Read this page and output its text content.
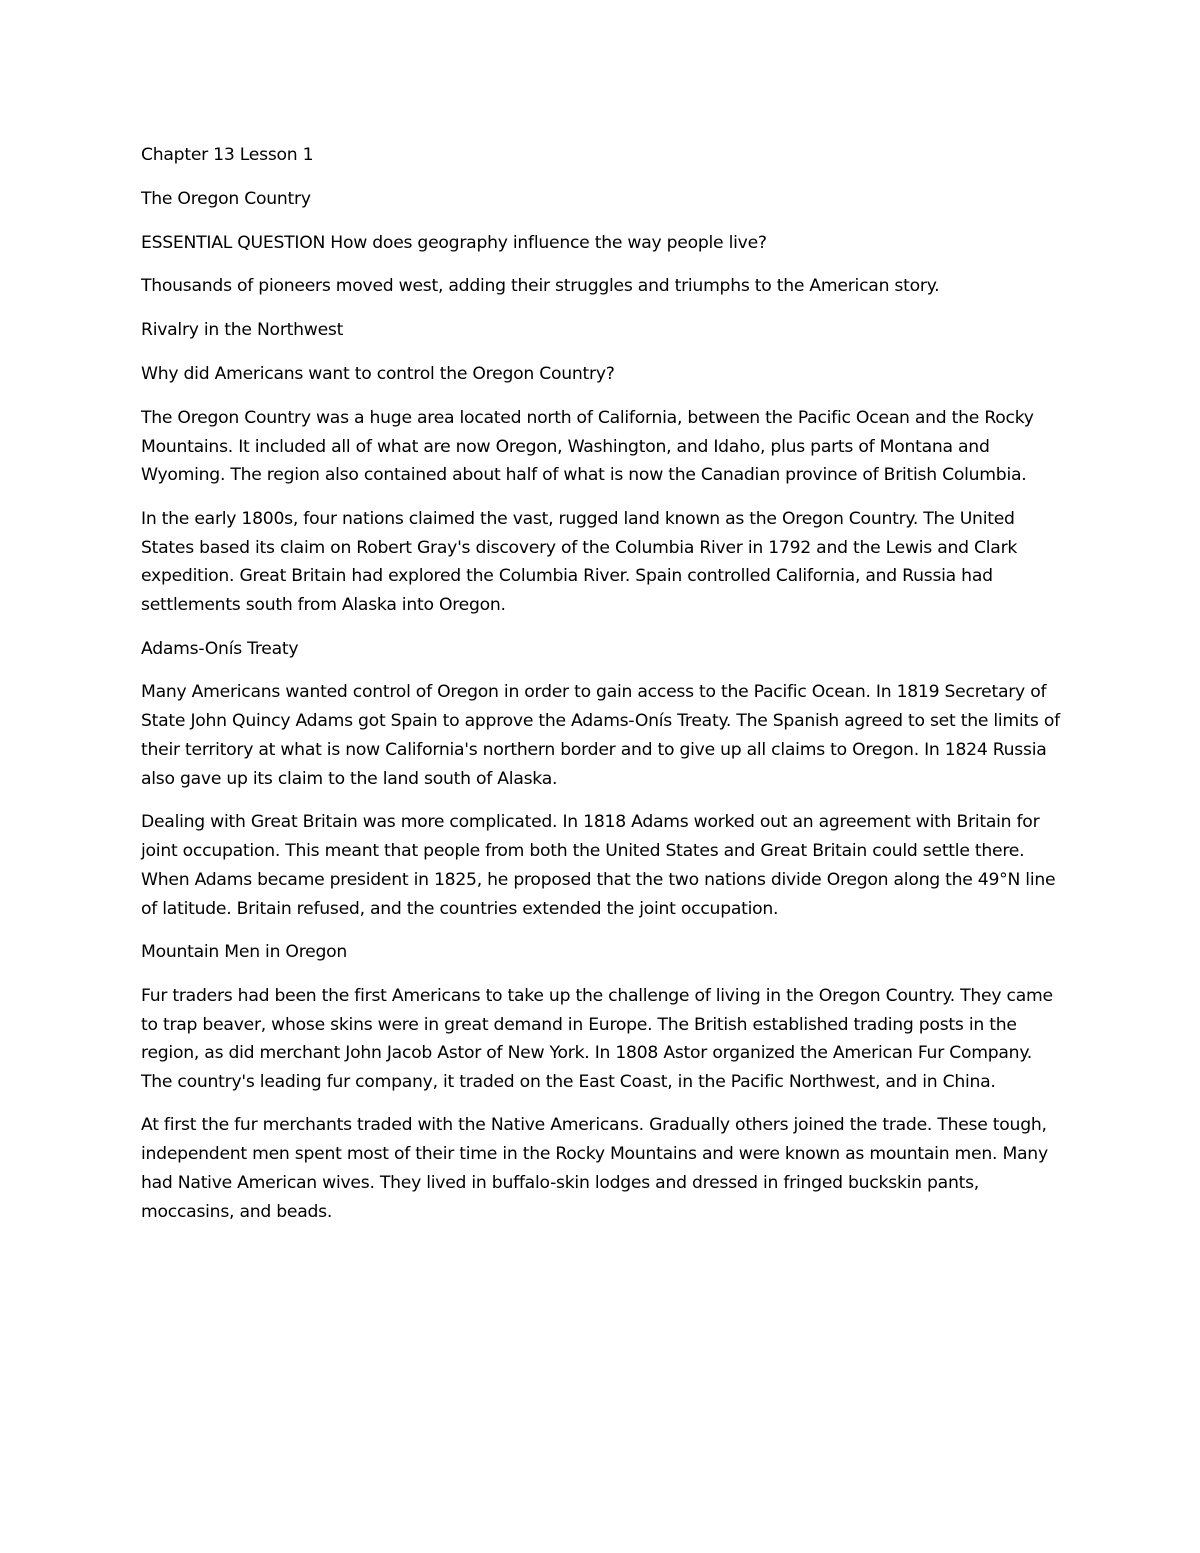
Chapter 13 Lesson 1

The Oregon Country

ESSENTIAL QUESTION How does geography influence the way people live?

Thousands of pioneers moved west, adding their struggles and triumphs to the American story.

Rivalry in the Northwest

Why did Americans want to control the Oregon Country?

The Oregon Country was a huge area located north of California, between the Pacific Ocean and the Rocky Mountains. It included all of what are now Oregon, Washington, and Idaho, plus parts of Montana and Wyoming. The region also contained about half of what is now the Canadian province of British Columbia.

In the early 1800s, four nations claimed the vast, rugged land known as the Oregon Country. The United States based its claim on Robert Gray's discovery of the Columbia River in 1792 and the Lewis and Clark expedition. Great Britain had explored the Columbia River. Spain controlled California, and Russia had settlements south from Alaska into Oregon.

Adams-Onís Treaty

Many Americans wanted control of Oregon in order to gain access to the Pacific Ocean. In 1819 Secretary of State John Quincy Adams got Spain to approve the Adams-Onís Treaty. The Spanish agreed to set the limits of their territory at what is now California's northern border and to give up all claims to Oregon. In 1824 Russia also gave up its claim to the land south of Alaska.

Dealing with Great Britain was more complicated. In 1818 Adams worked out an agreement with Britain for joint occupation. This meant that people from both the United States and Great Britain could settle there. When Adams became president in 1825, he proposed that the two nations divide Oregon along the 49°N line of latitude. Britain refused, and the countries extended the joint occupation.

Mountain Men in Oregon

Fur traders had been the first Americans to take up the challenge of living in the Oregon Country. They came to trap beaver, whose skins were in great demand in Europe. The British established trading posts in the region, as did merchant John Jacob Astor of New York. In 1808 Astor organized the American Fur Company. The country's leading fur company, it traded on the East Coast, in the Pacific Northwest, and in China.

At first the fur merchants traded with the Native Americans. Gradually others joined the trade. These tough, independent men spent most of their time in the Rocky Mountains and were known as mountain men. Many had Native American wives. They lived in buffalo-skin lodges and dressed in fringed buckskin pants, moccasins, and beads.
